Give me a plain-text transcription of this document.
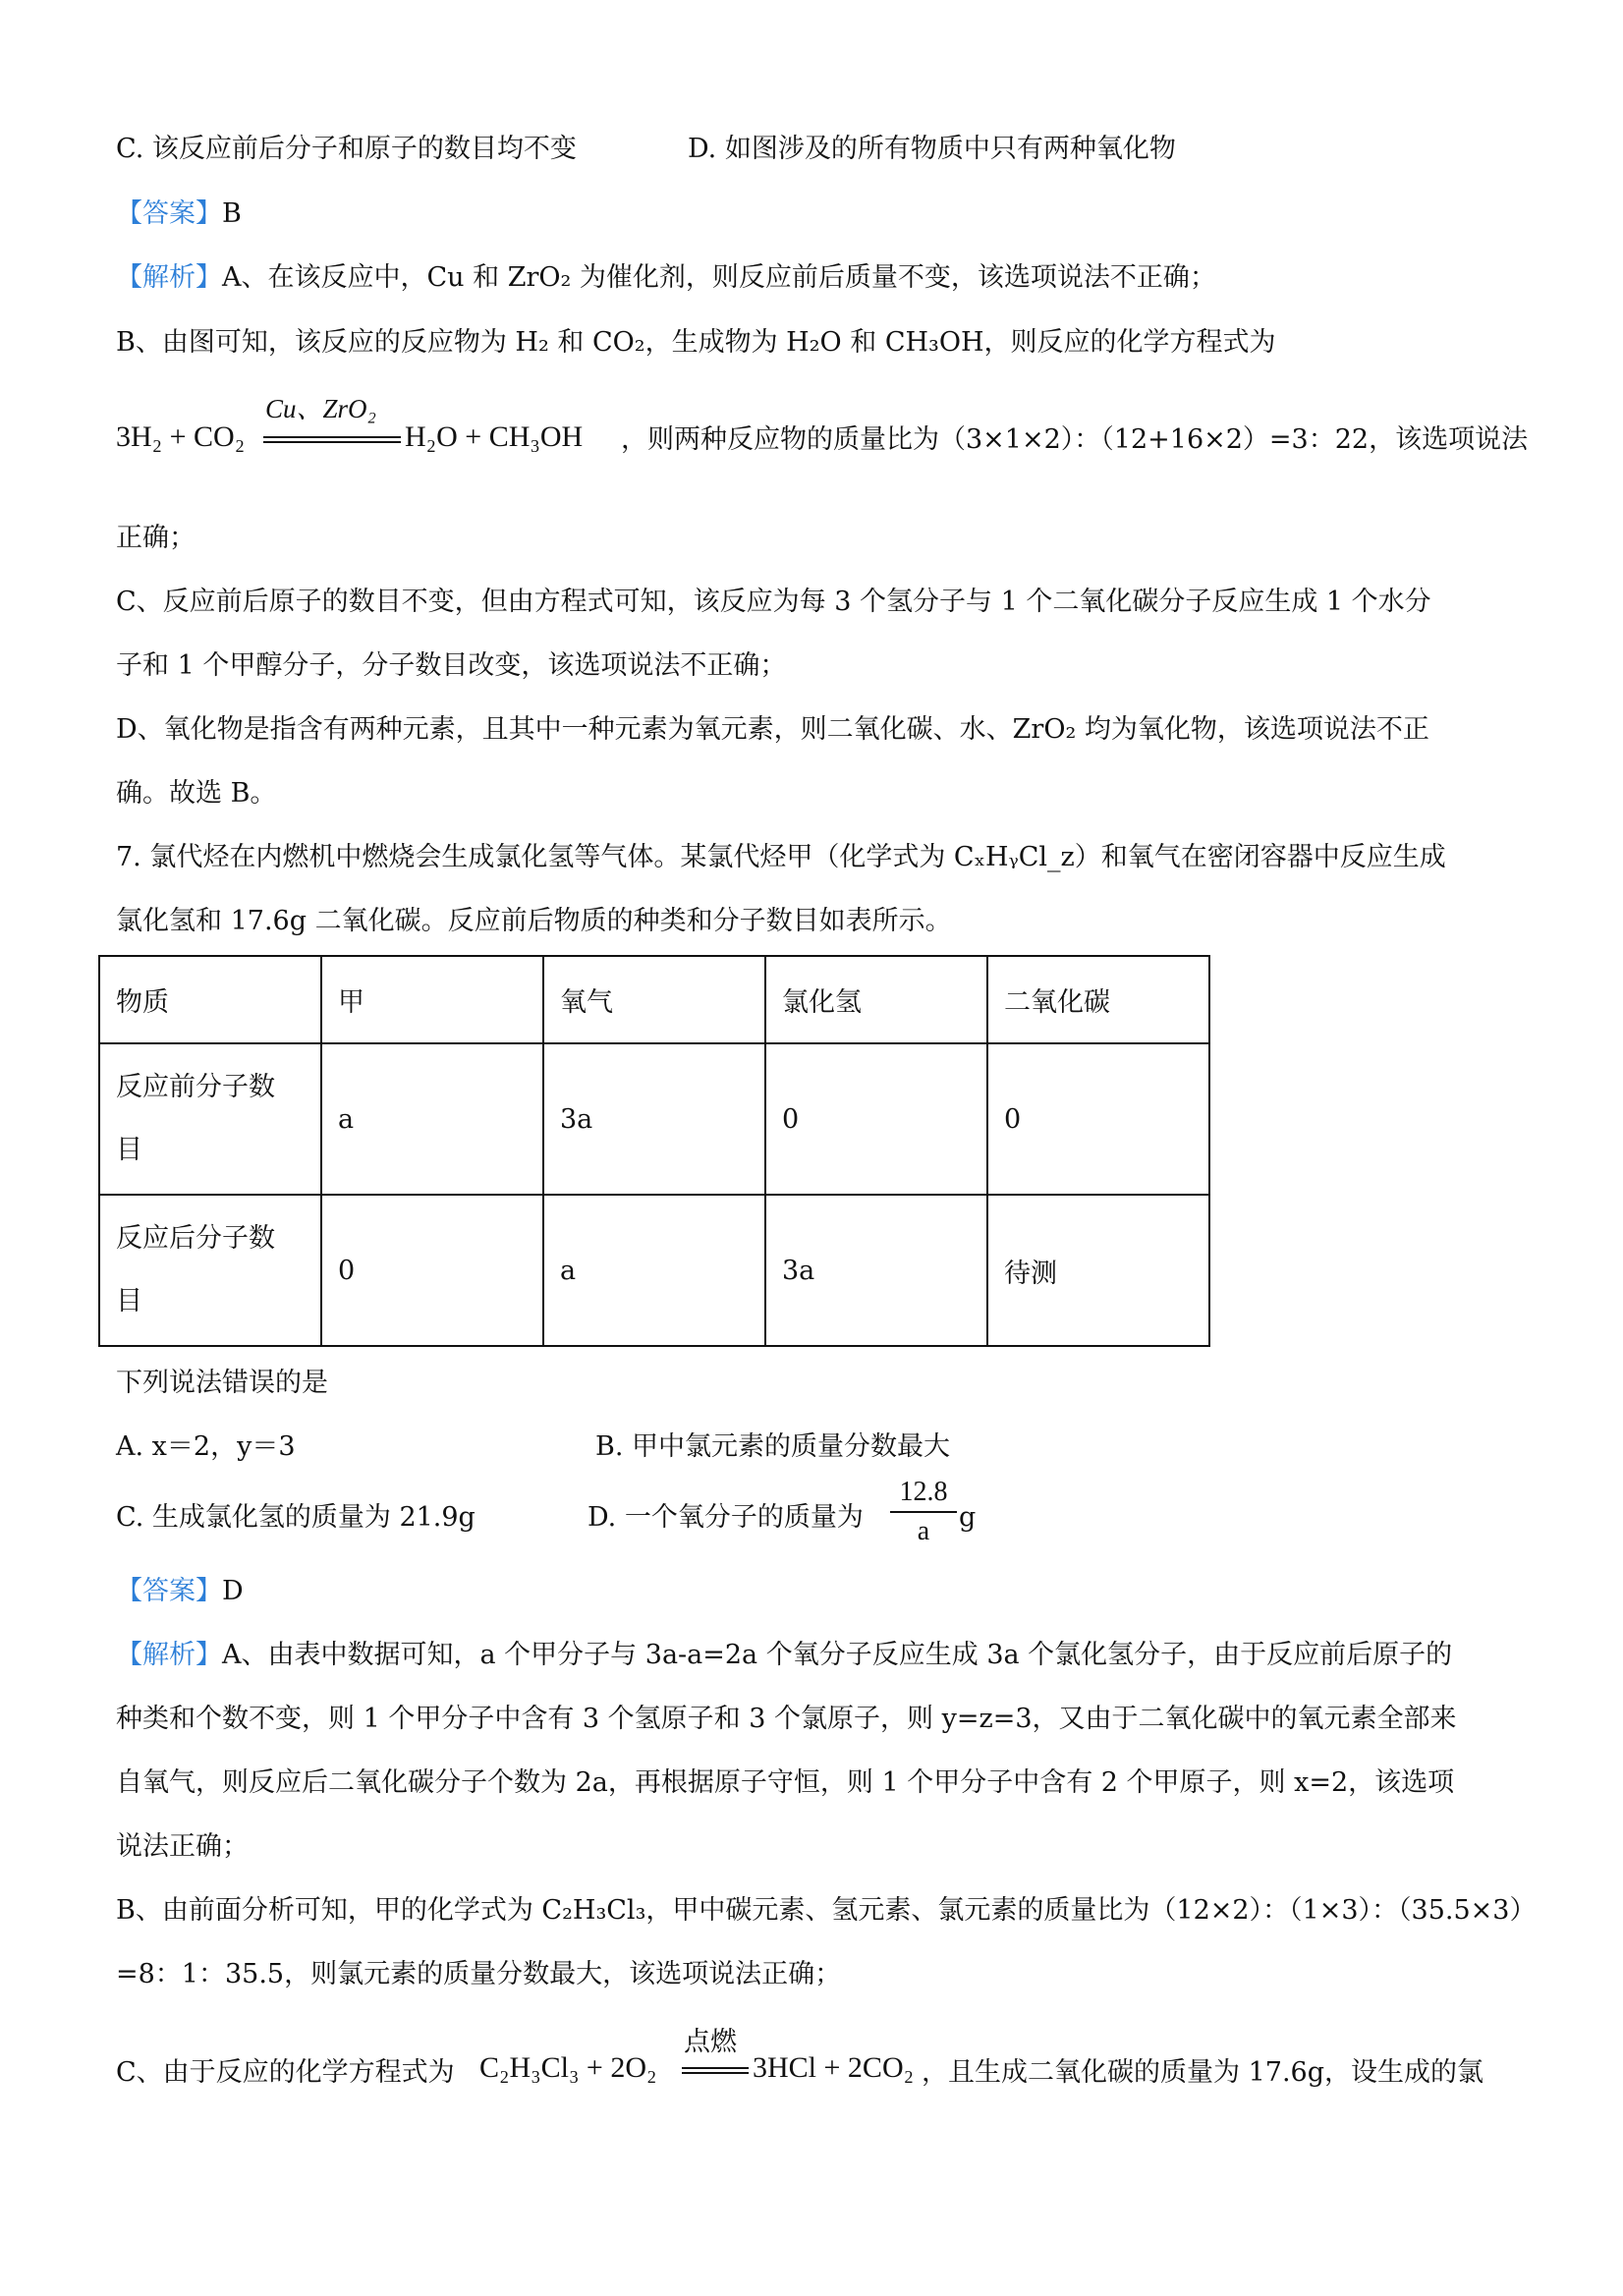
C. 该反应前后分子和原子的数目均不变	D. 如图涉及的所有物质中只有两种氧化物
【答案】B
【解析】A、在该反应中，Cu 和 ZrO₂ 为催化剂，则反应前后质量不变，该选项说法不正确；
B、由图可知，该反应的反应物为 H₂ 和 CO₂，生成物为 H₂O 和 CH₃OH，则反应的化学方程式为
Cu、ZrO₂
3H₂ + CO₂	H₂O + CH₃OH ，则两种反应物的质量比为（3×1×2）：（12+16×2）=3：22，该选项说法
正确；
C、反应前后原子的数目不变，但由方程式可知，该反应为每 3 个氢分子与 1 个二氧化碳分子反应生成 1 个水分
子和 1 个甲醇分子，分子数目改变，该选项说法不正确；
D、氧化物是指含有两种元素，且其中一种元素为氧元素，则二氧化碳、水、ZrO₂ 均为氧化物，该选项说法不正
确。故选 B。
7. 氯代烃在内燃机中燃烧会生成氯化氢等气体。某氯代烃甲（化学式为 CₓHᵧCl_z）和氧气在密闭容器中反应生成
氯化氢和 17.6g 二氧化碳。反应前后物质的种类和分子数目如表所示。
物质	甲	氧气	氯化氢	二氧化碳

反应前分子数
目	a	3a	0	0

反应后分子数
目	0	a	3a	待测
下列说法错误的是
A. x＝2，y＝3	B. 甲中氯元素的质量分数最大
C. 生成氯化氢的质量为 21.9g	D. 一个氧分子的质量为
12.8
a	g
【答案】D
【解析】A、由表中数据可知，a 个甲分子与 3a-a=2a 个氧分子反应生成 3a 个氯化氢分子，由于反应前后原子的
种类和个数不变，则 1 个甲分子中含有 3 个氢原子和 3 个氯原子，则 y=z=3，又由于二氧化碳中的氧元素全部来
自氧气，则反应后二氧化碳分子个数为 2a，再根据原子守恒，则 1 个甲分子中含有 2 个甲原子，则 x=2，该选项
说法正确；
B、由前面分析可知，甲的化学式为 C₂H₃Cl₃，甲中碳元素、氢元素、氯元素的质量比为（12×2）：（1×3）：（35.5×3）
=8：1：35.5，则氯元素的质量分数最大，该选项说法正确；
C、由于反应的化学方程式为
点燃
C₂H₃Cl₃ + 2O₂	3HCl + 2CO₂ ，且生成二氧化碳的质量为 17.6g，设生成的氯
